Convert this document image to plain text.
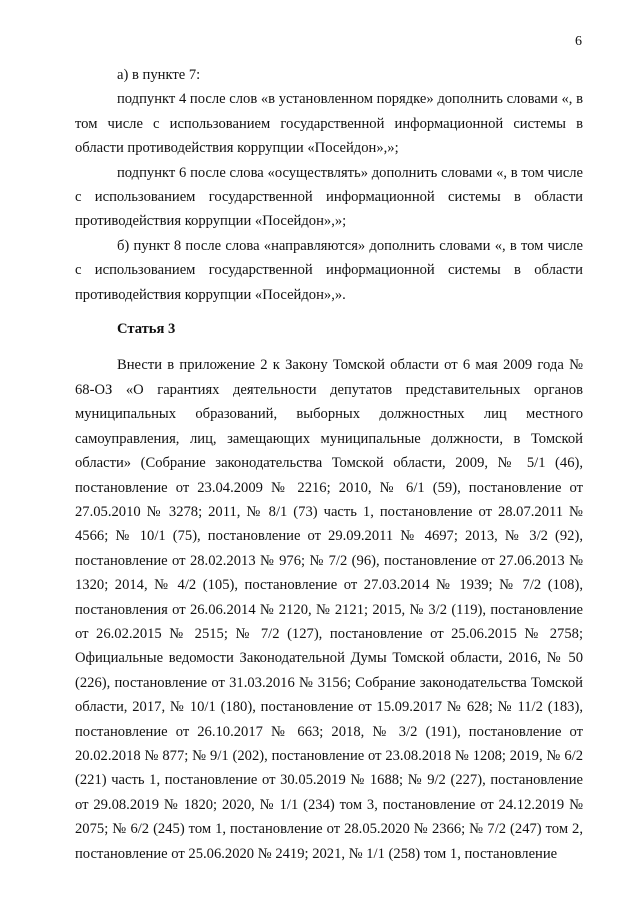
6

а) в пункте 7:

подпункт 4 после слов «в установленном порядке» дополнить словами «, в том числе с использованием государственной информационной системы в области противодействия коррупции «Посейдон»,»;

подпункт 6 после слова «осуществлять» дополнить словами «, в том числе с использованием государственной информационной системы в области противодействия коррупции «Посейдон»,»;

б) пункт 8 после слова «направляются» дополнить словами «, в том числе с использованием государственной информационной системы в области противодействия коррупции «Посейдон»,».

Статья 3

Внести в приложение 2 к Закону Томской области от 6 мая 2009 года № 68-ОЗ «О гарантиях деятельности депутатов представительных органов муниципальных образований, выборных должностных лиц местного самоуправления, лиц, замещающих муниципальные должности, в Томской области» (Собрание законодательства Томской области, 2009, № 5/1 (46), постановление от 23.04.2009 № 2216; 2010, № 6/1 (59), постановление от 27.05.2010 № 3278; 2011, № 8/1 (73) часть 1, постановление от 28.07.2011 № 4566; № 10/1 (75), постановление от 29.09.2011 № 4697; 2013, № 3/2 (92), постановление от 28.02.2013 № 976; № 7/2 (96), постановление от 27.06.2013 № 1320; 2014, № 4/2 (105), постановление от 27.03.2014 № 1939; № 7/2 (108), постановления от 26.06.2014 № 2120, № 2121; 2015, № 3/2 (119), постановление от 26.02.2015 № 2515; № 7/2 (127), постановление от 25.06.2015 № 2758; Официальные ведомости Законодательной Думы Томской области, 2016, № 50 (226), постановление от 31.03.2016 № 3156; Собрание законодательства Томской области, 2017, № 10/1 (180), постановление от 15.09.2017 № 628; № 11/2 (183), постановление от 26.10.2017 № 663; 2018, № 3/2 (191), постановление от 20.02.2018 № 877; № 9/1 (202), постановление от 23.08.2018 № 1208; 2019, № 6/2 (221) часть 1, постановление от 30.05.2019 № 1688; № 9/2 (227), постановление от 29.08.2019 № 1820; 2020, № 1/1 (234) том 3, постановление от 24.12.2019 № 2075; № 6/2 (245) том 1, постановление от 28.05.2020 № 2366; № 7/2 (247) том 2, постановление от 25.06.2020 № 2419; 2021, № 1/1 (258) том 1, постановление
